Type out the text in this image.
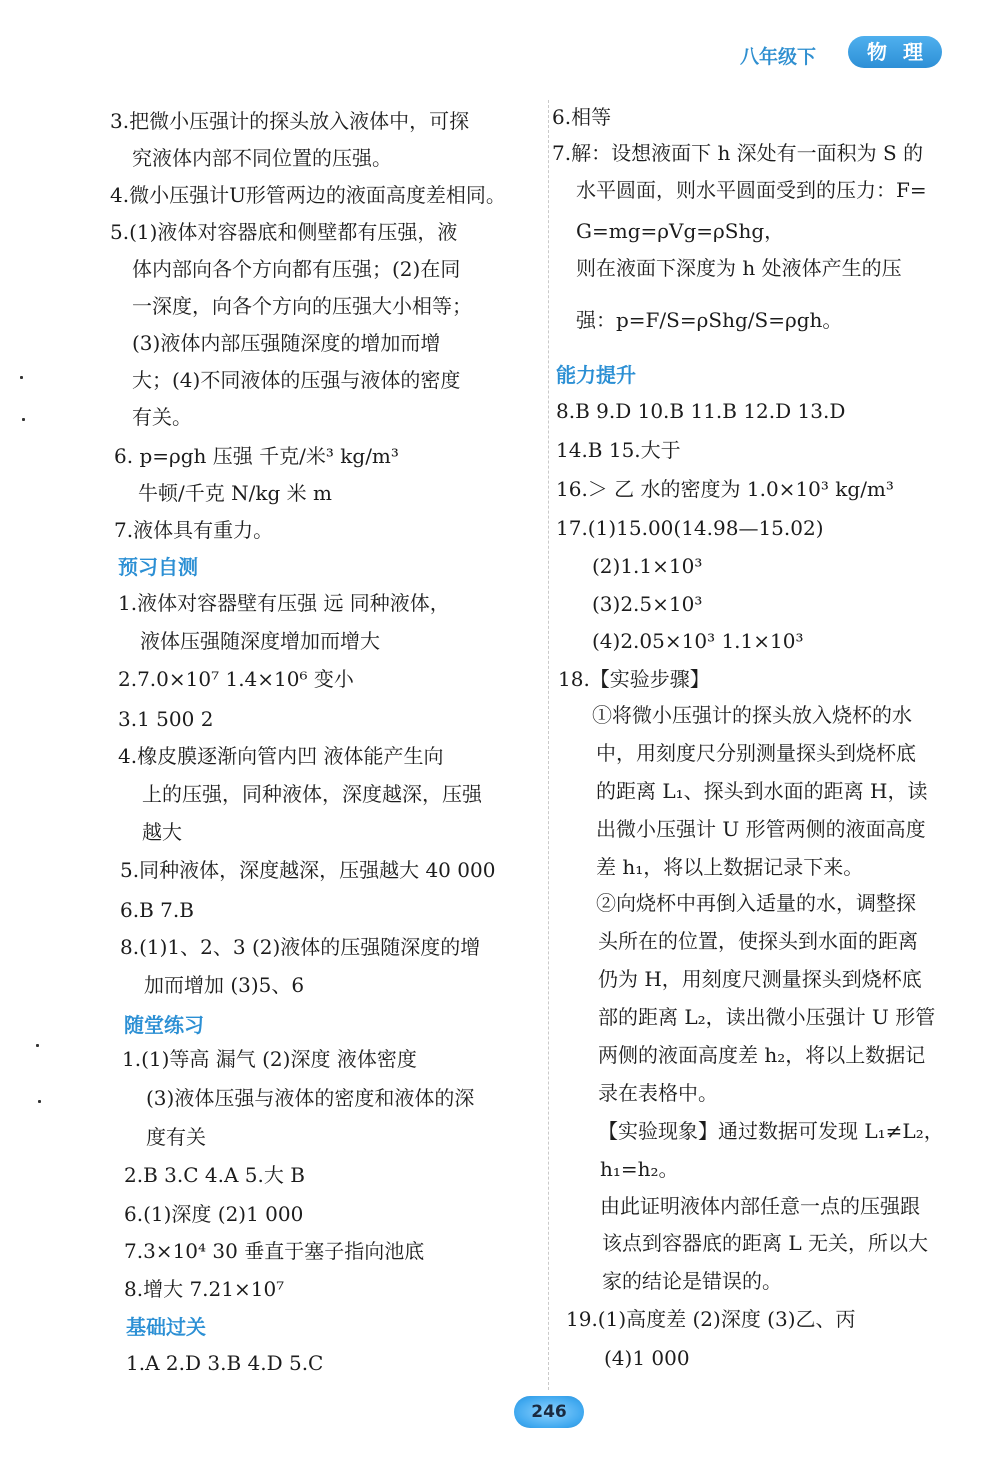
八年级下	物理
3.把微小压强计的探头放入液体中，可探
究液体内部不同位置的压强。
4.微小压强计U形管两边的液面高度差相同。
5.(1)液体对容器底和侧壁都有压强，液
体内部向各个方向都有压强；(2)在同
一深度，向各个方向的压强大小相等；
(3)液体内部压强随深度的增加而增
大；(4)不同液体的压强与液体的密度
有关。
6. p=ρgh 压强 千克/米³ kg/m³
牛顿/千克 N/kg 米 m
7.液体具有重力。
1.液体对容器壁有压强 远 同种液体，
液体压强随深度增加而增大
2.7.0×10⁷ 1.4×10⁶ 变小
3.1 500 2
4.橡皮膜逐渐向管内凹 液体能产生向
上的压强，同种液体，深度越深，压强
越大
5.同种液体，深度越深，压强越大 40 000
6.B 7.B
8.(1)1、2、3 (2)液体的压强随深度的增
加而增加 (3)5、6
1.(1)等高 漏气 (2)深度 液体密度
(3)液体压强与液体的密度和液体的深
度有关
2.B 3.C 4.A 5.大 B
6.(1)深度 (2)1 000
7.3×10⁴ 30 垂直于塞子指向池底
8.增大 7.21×10⁷
1.A 2.D 3.B 4.D 5.C
预习自测
随堂练习
基础过关
6.相等
7.解：设想液面下 h 深处有一面积为 S 的
水平圆面，则水平圆面受到的压力：F=
G=mg=ρVg=ρShg，
则在液面下深度为 h 处液体产生的压
强：p=F/S=ρShg/S=ρgh。
8.B 9.D 10.B 11.B 12.D 13.D
14.B 15.大于
16.＞ 乙 水的密度为 1.0×10³ kg/m³
17.(1)15.00(14.98—15.02)
(2)1.1×10³
(3)2.5×10³
(4)2.05×10³ 1.1×10³
18.【实验步骤】
①将微小压强计的探头放入烧杯的水
中，用刻度尺分别测量探头到烧杯底
的距离 L₁、探头到水面的距离 H，读
出微小压强计 U 形管两侧的液面高度
差 h₁，将以上数据记录下来。
②向烧杯中再倒入适量的水，调整探
头所在的位置，使探头到水面的距离
仍为 H，用刻度尺测量探头到烧杯底
部的距离 L₂，读出微小压强计 U 形管
两侧的液面高度差 h₂，将以上数据记
录在表格中。
【实验现象】通过数据可发现 L₁≠L₂，
h₁=h₂。
由此证明液体内部任意一点的压强跟
该点到容器底的距离 L 无关，所以大
家的结论是错误的。
19.(1)高度差 (2)深度 (3)乙、丙
(4)1 000
能力提升
246
